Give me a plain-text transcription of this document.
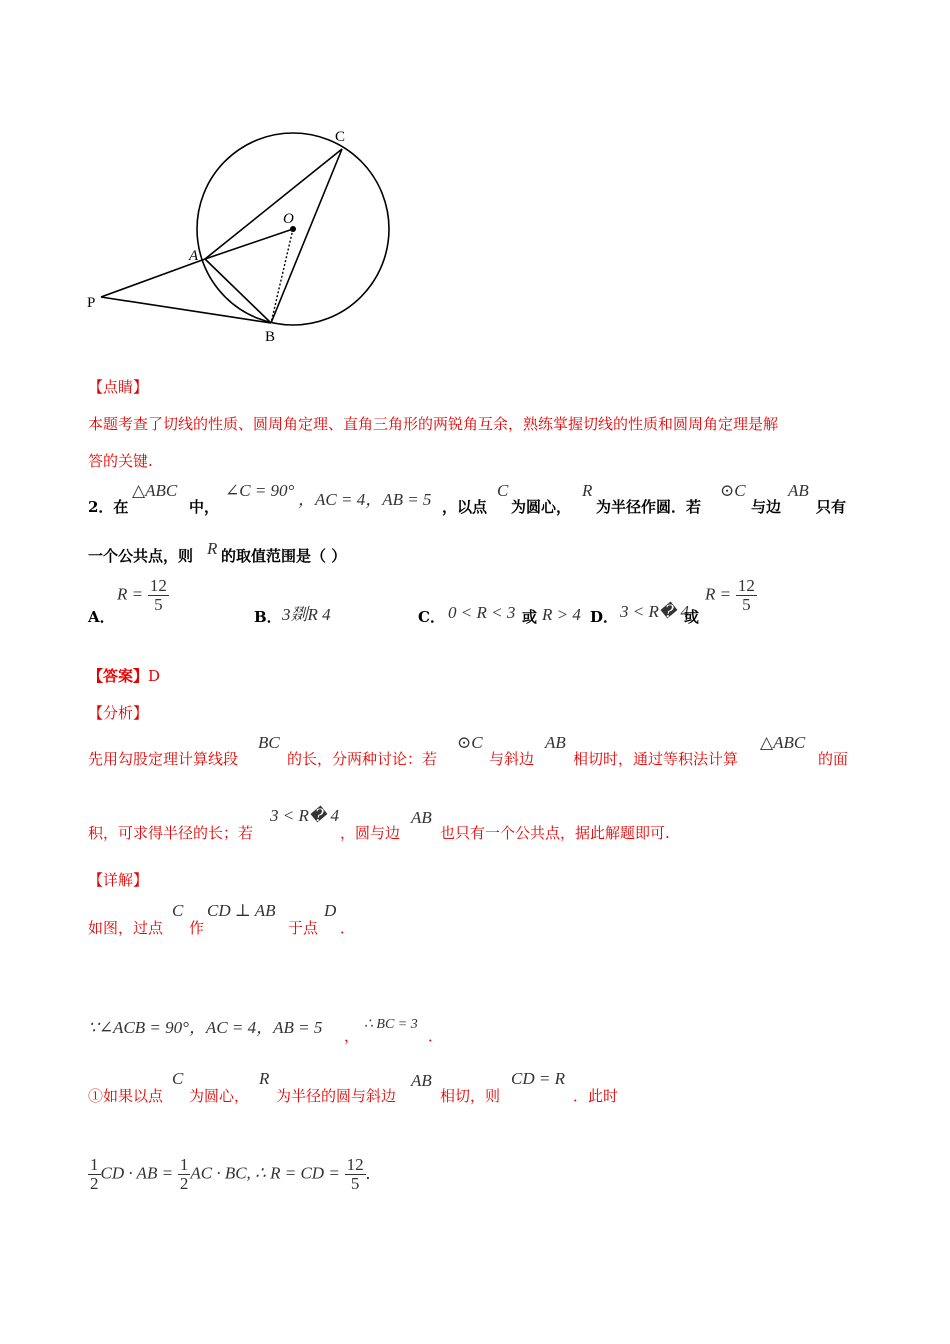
C
O
A
P
B
【点睛】
本题考查了切线的性质、圆周角定理、直角三角形的两锐角互余，熟练掌握切线的性质和圆周角定理是解
答的关键.
2．在
△ABC
中，
∠C = 90° ，AC = 4，AB = 5 ，以点
C
为圆心，
R
为半径作圆．若
⊙C
与边
AB
只有
一个公共点，则 R 的取值范围是（ ）
A．
$R = \frac{12}{5}$
B． 3剟R 4	C． 0 < R < 3 或 R > 4 D． 3 < R� 4
或
$R = \frac{12}{5}$
【答案】D
【分析】
先用勾股定理计算线段
BC
的长，分两种讨论：若
⊙C
与斜边
AB
相切时，通过等积法计算
△ABC
的面
积，可求得半径的长；若
3 < R� 4
，圆与边
AB
也只有一个公共点，据此解题即可.
【详解】
如图，过点
C
作
CD ⊥ AB
于点
D
．
∵∠ACB = 90°，AC = 4，AB = 5 ，
∴ BC = 3
．
①如果以点
C
为圆心，
R
为半径的圆与斜边
AB
相切，则
CD = R
．此时
$\frac{1}{2}$ CD · AB = $\frac{1}{2}$ AC · BC, ∴ R = CD = $\frac{12}{5}$ ．
